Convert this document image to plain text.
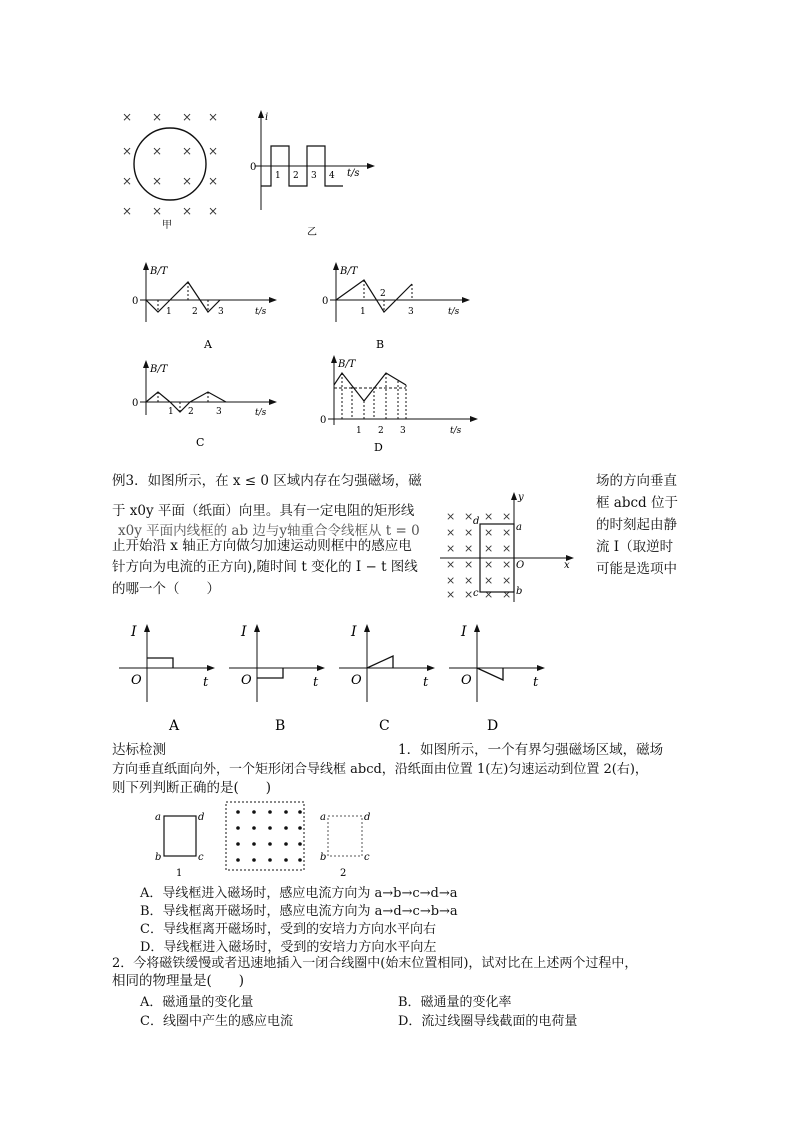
× × × ×
× × × ×
× × × ×
× × × ×
甲
i
t/s
0
1 2 3 4
乙
B/T
t/s
0
1 2 3
A
B/T
t/s
0
1
2
3
B
B/T
t/s
0
1 2 3
C
B/T
t/s
0
1 2 3
D
例3．如图所示，在 x ≤ 0 区域内存在匀强磁场，磁	场的方向垂直
于 x0y 平面（纸面）向里。具有一定电阻的矩形线	框 abcd 位于
x0y 平面内线框的 ab 边与y轴重合令线框从 t = 0	的时刻起由静
止开始沿 x 轴正方向做匀加速运动则框中的感应电	流 I（取逆时
针方向为电流的正方向),随时间 t 变化的 I − t 图线	可能是选项中
的哪一个（　　）
× × × ×
× × × ×
× × × ×
× × × ×
× × × ×
× × × ×
y
x
O
a
b
c
d
I
O	t
A
I
O	t
B
I
O	t
C
I
O	t
D
达标检测	1．如图所示，一个有界匀强磁场区域，磁场
方向垂直纸面向外，一个矩形闭合导线框 abcd，沿纸面由位置 1(左)匀速运动到位置 2(右)，
则下列判断正确的是(　　)
a	d
b	c
1
a	d
b	c
2
A．导线框进入磁场时，感应电流方向为 a→b→c→d→a
B．导线框离开磁场时，感应电流方向为 a→d→c→b→a
C．导线框离开磁场时，受到的安培力方向水平向右
D．导线框进入磁场时，受到的安培力方向水平向左
2．今将磁铁缓慢或者迅速地插入一闭合线圈中(始末位置相同)，试对比在上述两个过程中，
相同的物理量是(　　)
A．磁通量的变化量	B．磁通量的变化率
C．线圈中产生的感应电流	D．流过线圈导线截面的电荷量
